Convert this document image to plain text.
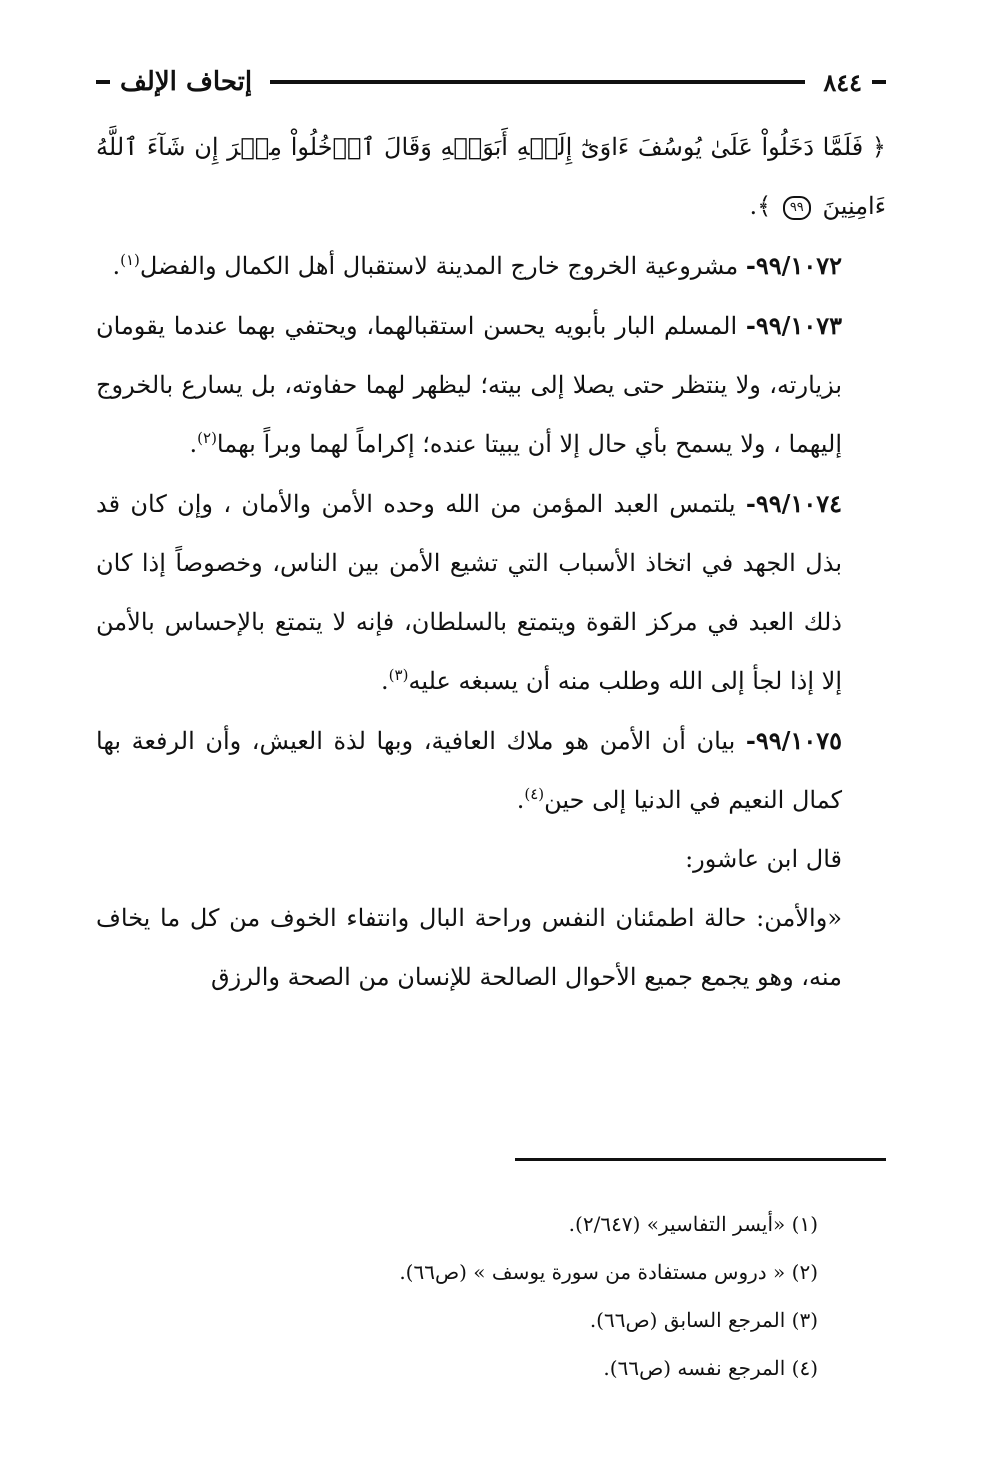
٨٤٤
إتحاف الإلف

﴿ فَلَمَّا دَخَلُواْ عَلَىٰ يُوسُفَ ءَاوَىٰٓ إِلَيۡهِ أَبَوَيۡهِ وَقَالَ ٱدۡخُلُواْ مِصۡرَ إِن شَآءَ ٱللَّهُ ءَامِنِينَ ٩٩ ﴾.

٩٩/١٠٧٢- مشروعية الخروج خارج المدينة لاستقبال أهل الكمال والفضل$^{(١)}$.

٩٩/١٠٧٣- المسلم البار بأبويه يحسن استقبالهما، ويحتفي بهما عندما يقومان بزيارته، ولا ينتظر حتى يصلا إلى بيته؛ ليظهر لهما حفاوته، بل يسارع بالخروج إليهما ، ولا يسمح بأي حال إلا أن يبيتا عنده؛ إكراماً لهما وبراً بهما$^{(٢)}$.

٩٩/١٠٧٤- يلتمس العبد المؤمن من الله وحده الأمن والأمان ، وإن كان قد بذل الجهد في اتخاذ الأسباب التي تشيع الأمن بين الناس، وخصوصاً إذا كان ذلك العبد في مركز القوة ويتمتع بالسلطان، فإنه لا يتمتع بالإحساس بالأمن إلا إذا لجأ إلى الله وطلب منه أن يسبغه عليه$^{(٣)}$.

٩٩/١٠٧٥- بيان أن الأمن هو ملاك العافية، وبها لذة العيش، وأن الرفعة بها كمال النعيم في الدنيا إلى حين$^{(٤)}$.

قال ابن عاشور:

«والأمن: حالة اطمئنان النفس وراحة البال وانتفاء الخوف من كل ما يخاف منه، وهو يجمع جميع الأحوال الصالحة للإنسان من الصحة والرزق

(١) «أيسر التفاسير» (٢/٦٤٧).
(٢) « دروس مستفادة من سورة يوسف » (ص٦٦).
(٣) المرجع السابق (ص٦٦).
(٤) المرجع نفسه (ص٦٦).
